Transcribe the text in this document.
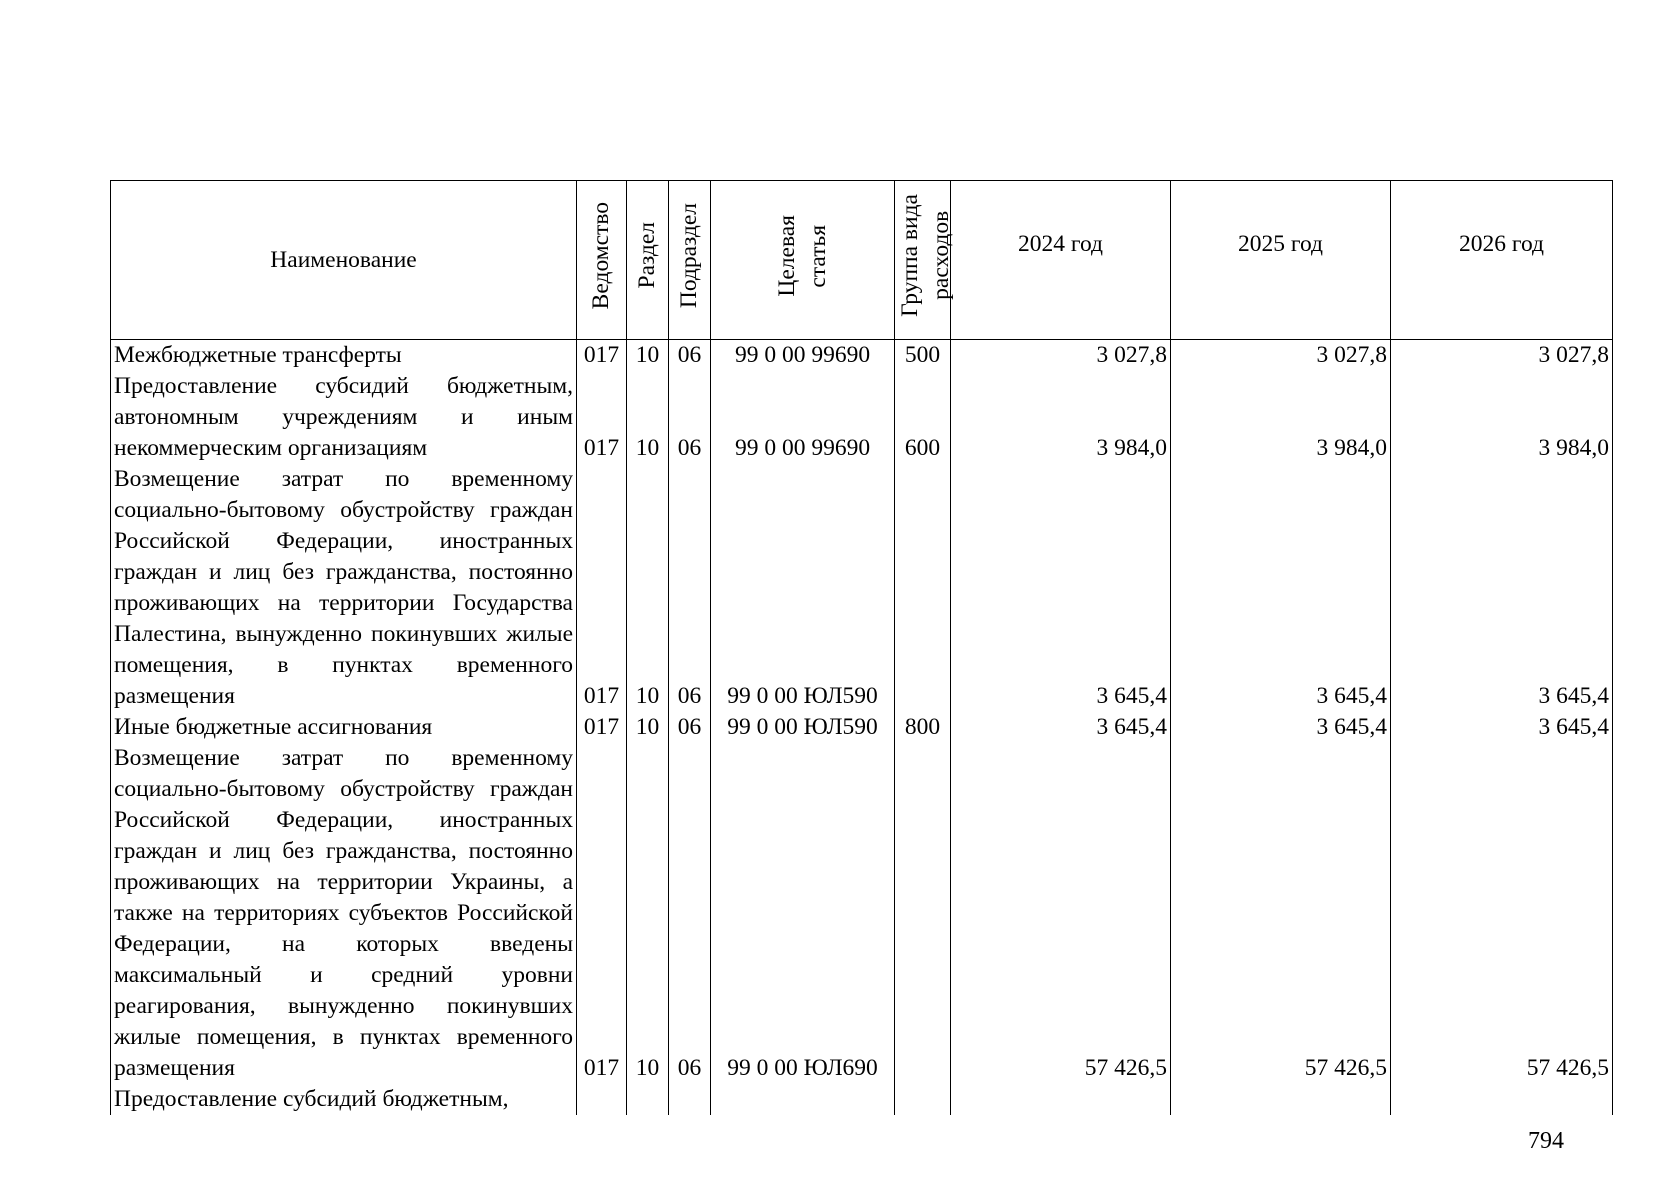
Наименование	Ведомство	Раздел	Подраздел	Целевая статья	Группа вида расходов	2024 год	2025 год	2026 год

Межбюджетные трансферты	017	10	06	99 0 00 99690	500	3 027,8	3 027,8	3 027,8
Предоставление субсидий бюджетным, автономным учреждениям и иным некоммерческим организациям	017	10	06	99 0 00 99690	600	3 984,0	3 984,0	3 984,0
Возмещение затрат по временному социально-бытовому обустройству граждан Российской Федерации, иностранных граждан и лиц без гражданства, постоянно проживающих на территории Государства Палестина, вынужденно покинувших жилые помещения, в пунктах временного размещения	017	10	06	99 0 00 ЮЛ590		3 645,4	3 645,4	3 645,4
Иные бюджетные ассигнования	017	10	06	99 0 00 ЮЛ590	800	3 645,4	3 645,4	3 645,4
Возмещение затрат по временному социально-бытовому обустройству граждан Российской Федерации, иностранных граждан и лиц без гражданства, постоянно проживающих на территории Украины, а также на территориях субъектов Российской Федерации, на которых введены максимальный и средний уровни реагирования, вынужденно покинувших жилые помещения, в пунктах временного размещения	017	10	06	99 0 00 ЮЛ690		57 426,5	57 426,5	57 426,5
Предоставление субсидий бюджетным,								
794
